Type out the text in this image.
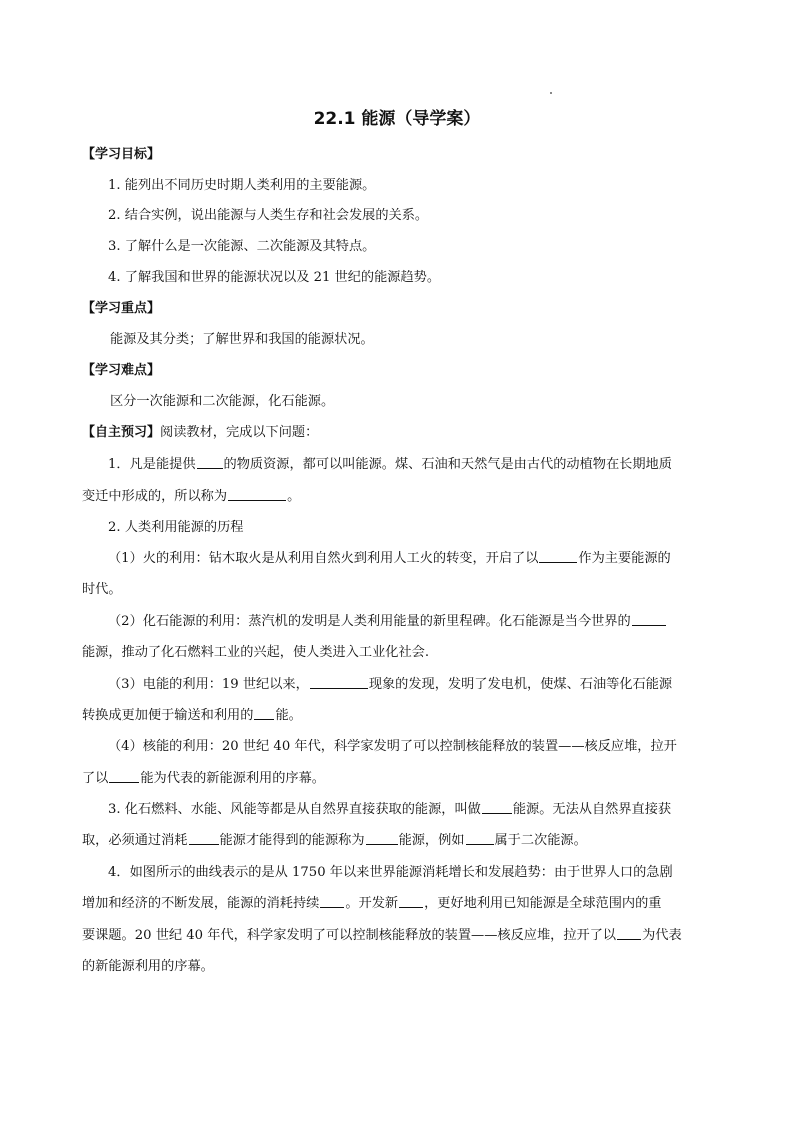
22.1 能源（导学案）
【学习目标】
1. 能列出不同历史时期人类利用的主要能源。
2. 结合实例，说出能源与人类生存和社会发展的关系。
3. 了解什么是一次能源、二次能源及其特点。
4. 了解我国和世界的能源状况以及 21 世纪的能源趋势。
【学习重点】
能源及其分类；了解世界和我国的能源状况。
【学习难点】
区分一次能源和二次能源，化石能源。
【自主预习】阅读教材，完成以下问题：
1．凡是能提供 的物质资源，都可以叫能源。煤、石油和天然气是由古代的动植物在长期地质
变迁中形成的，所以称为	。
2. 人类利用能源的历程
（1）火的利用：钻木取火是从利用自然火到利用人工火的转变，开启了以	作为主要能源的
时代。
（2）化石能源的利用：蒸汽机的发明是人类利用能量的新里程碑。化石能源是当今世界的
能源，推动了化石燃料工业的兴起，使人类进入工业化社会.
（3）电能的利用：19 世纪以来，	现象的发现，发明了发电机，使煤、石油等化石能源
转换成更加便于输送和利用的 能。
（4）核能的利用：20 世纪 40 年代，科学家发明了可以控制核能释放的装置——核反应堆，拉开
了以 能为代表的新能源利用的序幕。
3. 化石燃料、水能、风能等都是从自然界直接获取的能源，叫做 能源。无法从自然界直接获
取，必须通过消耗 能源才能得到的能源称为	能源，例如 属于二次能源。
4．如图所示的曲线表示的是从 1750 年以来世界能源消耗增长和发展趋势：由于世界人口的急剧
增加和经济的不断发展，能源的消耗持续 。开发新 ，更好地利用已知能源是全球范围内的重
要课题。20 世纪 40 年代，科学家发明了可以控制核能释放的装置——核反应堆，拉开了以 为代表
的新能源利用的序幕。
